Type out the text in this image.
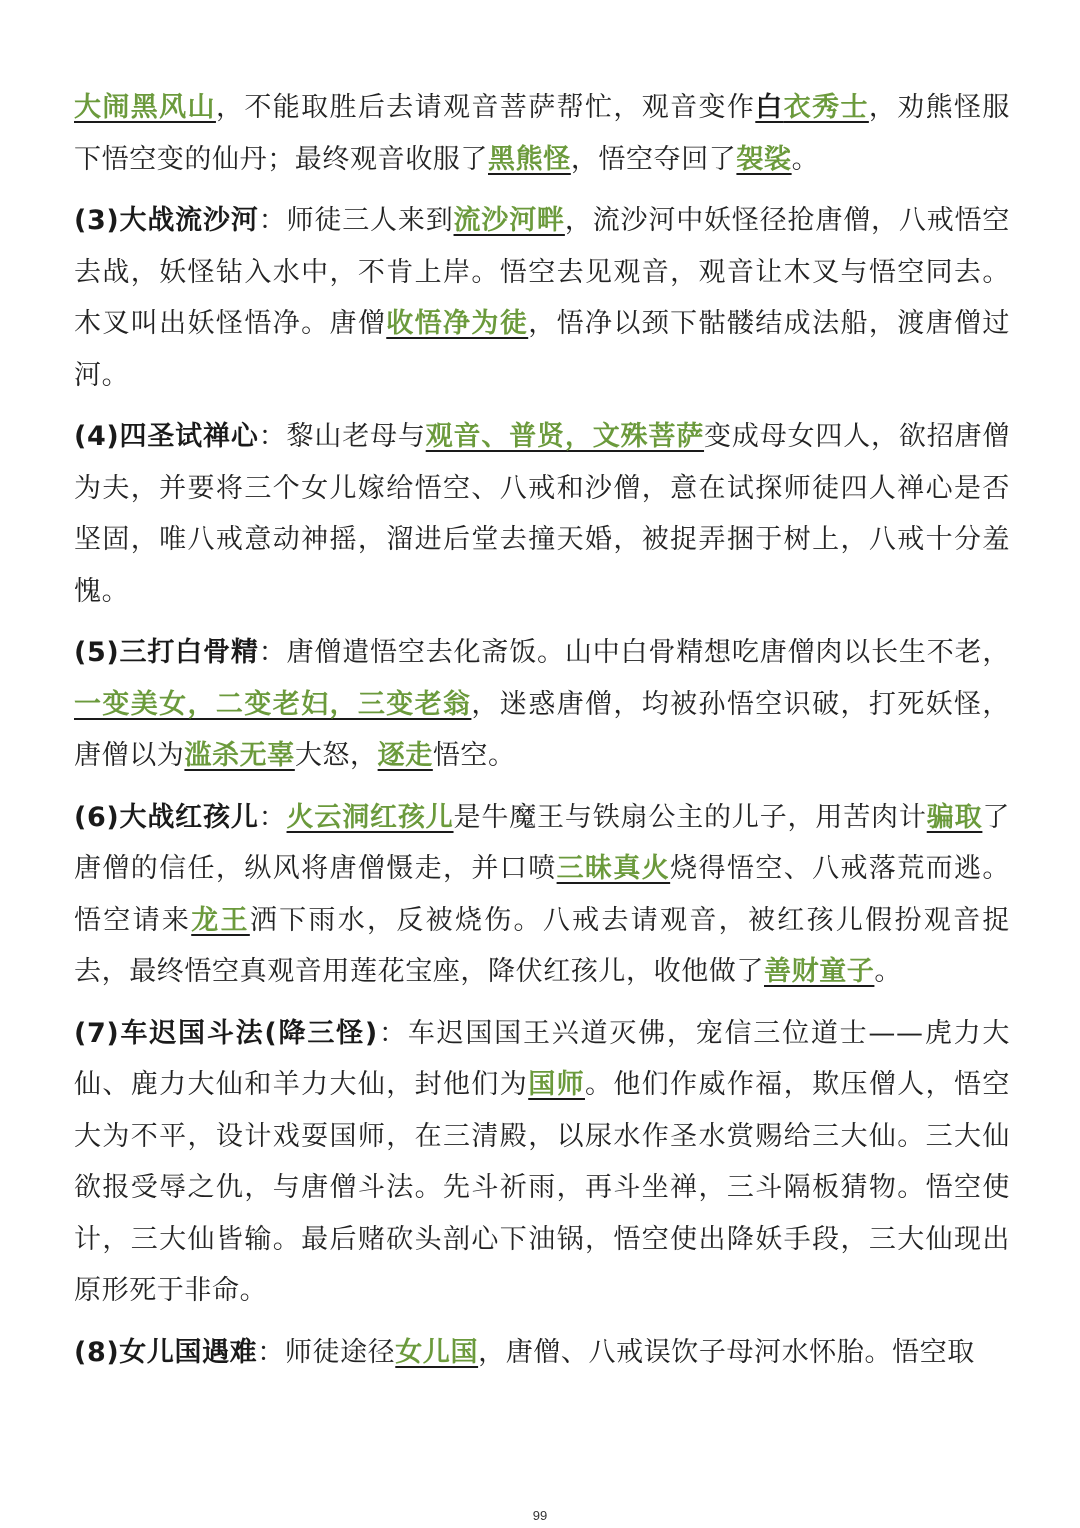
大闹黑风山，不能取胜后去请观音菩萨帮忙，观音变作白衣秀士，劝熊怪服下悟空变的仙丹；最终观音收服了黑熊怪，悟空夺回了袈裟。

(3)大战流沙河：师徒三人来到流沙河畔，流沙河中妖怪径抢唐僧，八戒悟空去战，妖怪钻入水中，不肯上岸。悟空去见观音，观音让木叉与悟空同去。木叉叫出妖怪悟净。唐僧收悟净为徒，悟净以颈下骷髅结成法船，渡唐僧过河。

(4)四圣试禅心：黎山老母与观音、普贤，文殊菩萨变成母女四人，欲招唐僧为夫，并要将三个女儿嫁给悟空、八戒和沙僧，意在试探师徒四人禅心是否坚固，唯八戒意动神摇，溜进后堂去撞天婚，被捉弄捆于树上，八戒十分羞愧。

(5)三打白骨精：唐僧遣悟空去化斋饭。山中白骨精想吃唐僧肉以长生不老，一变美女，二变老妇，三变老翁，迷惑唐僧，均被孙悟空识破，打死妖怪，唐僧以为滥杀无辜大怒，逐走悟空。

(6)大战红孩儿：火云洞红孩儿是牛魔王与铁扇公主的儿子，用苦肉计骗取了唐僧的信任，纵风将唐僧慑走，并口喷三昧真火烧得悟空、八戒落荒而逃。悟空请来龙王洒下雨水，反被烧伤。八戒去请观音，被红孩儿假扮观音捉去，最终悟空真观音用莲花宝座，降伏红孩儿，收他做了善财童子。

(7)车迟国斗法(降三怪)：车迟国国王兴道灭佛，宠信三位道士——虎力大仙、鹿力大仙和羊力大仙，封他们为国师。他们作威作福，欺压僧人，悟空大为不平，设计戏耍国师，在三清殿，以尿水作圣水赏赐给三大仙。三大仙欲报受辱之仇，与唐僧斗法。先斗祈雨，再斗坐禅，三斗隔板猜物。悟空使计，三大仙皆输。最后赌砍头剖心下油锅，悟空使出降妖手段，三大仙现出原形死于非命。

(8)女儿国遇难：师徒途径女儿国，唐僧、八戒误饮子母河水怀胎。悟空取

99
